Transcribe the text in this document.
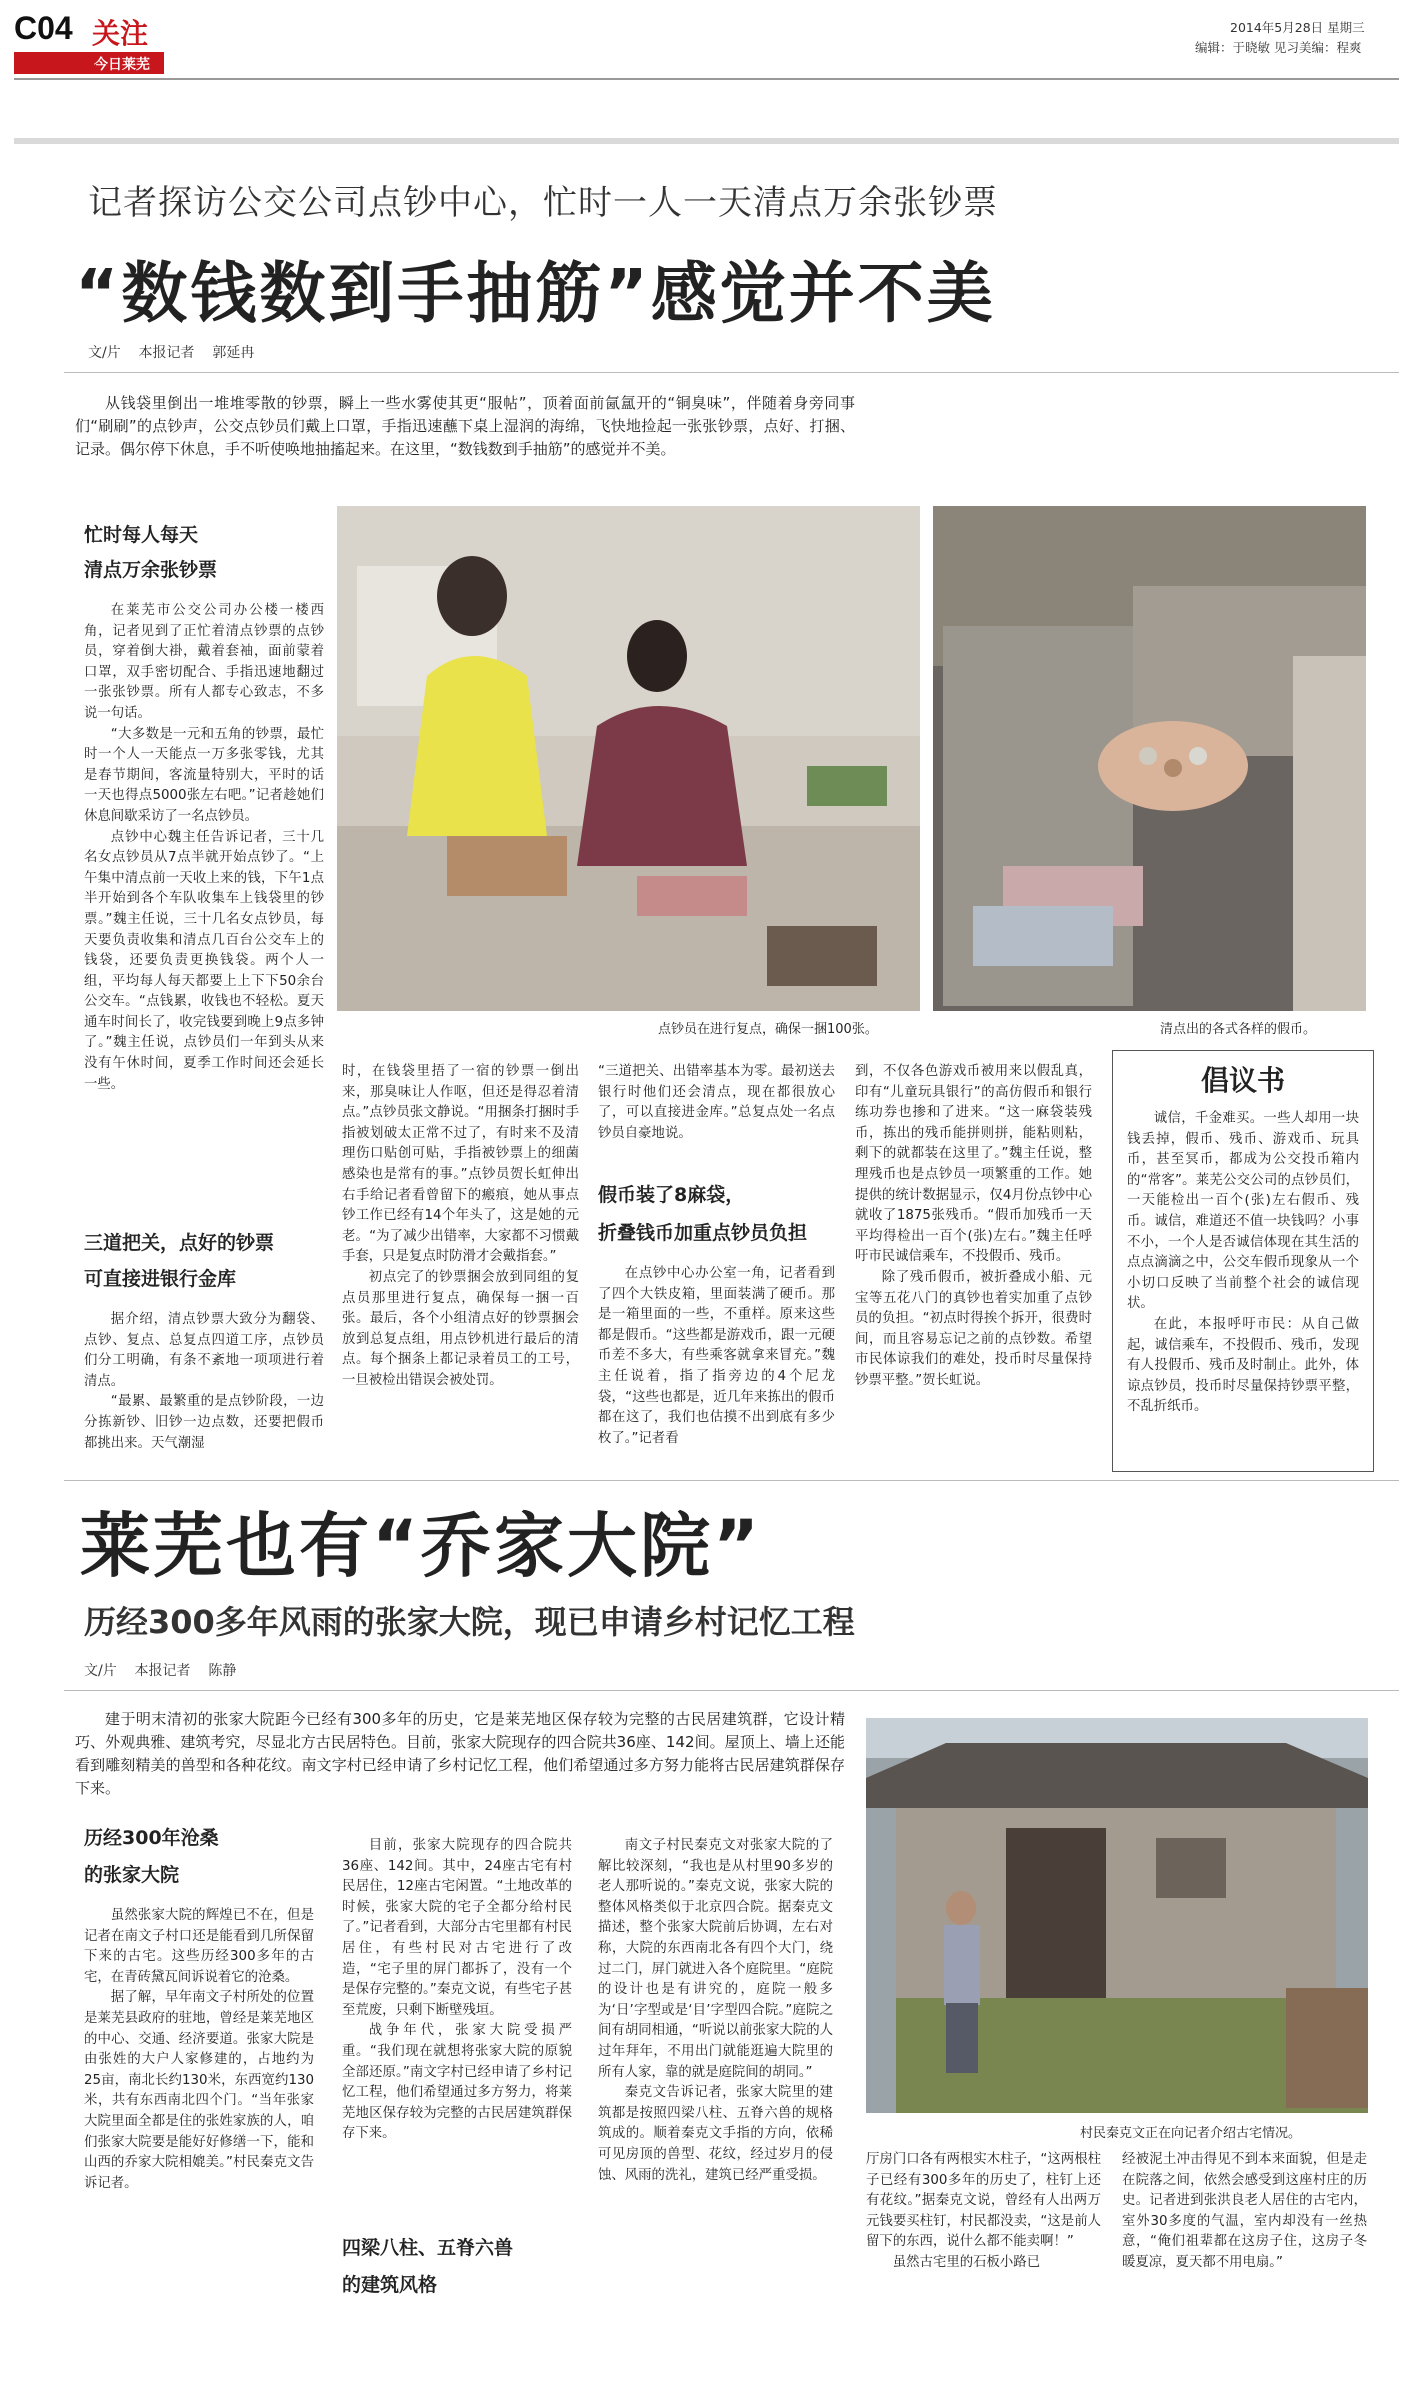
C04 关注
今日莱芜
2014年5月28日 星期三
编辑：于晓敏 见习美编：程爽
记者探访公交公司点钞中心，忙时一人一天清点万余张钞票
“数钱数到手抽筋”感觉并不美
文/片    本报记者    郭延冉
从钱袋里倒出一堆堆零散的钞票，瞬上一些水雾使其更“服帖”，顶着面前氤氲开的“铜臭味”，伴随着身旁同事们“刷刷”的点钞声，公交点钞员们戴上口罩，手指迅速蘸下桌上湿润的海绵，飞快地捡起一张张钞票，点好、打捆、记录。偶尔停下休息，手不听使唤地抽搐起来。在这里，“数钱数到手抽筋”的感觉并不美。
点钞员在进行复点，确保一捆100张。	清点出的各式各样的假币。
忙时每人每天
清点万余张钞票

在莱芜市公交公司办公楼一楼西角，记者见到了正忙着清点钞票的点钞员，穿着倒大褂，戴着套袖，面前蒙着口罩，双手密切配合、手指迅速地翻过一张张钞票。所有人都专心致志，不多说一句话。

“大多数是一元和五角的钞票，最忙时一个人一天能点一万多张零钱，尤其是春节期间，客流量特别大，平时的话一天也得点5000张左右吧。”记者趁她们休息间歇采访了一名点钞员。

点钞中心魏主任告诉记者，三十几名女点钞员从7点半就开始点钞了。“上午集中清点前一天收上来的钱，下午1点半开始到各个车队收集车上钱袋里的钞票。”魏主任说，三十几名女点钞员，每天要负责收集和清点几百台公交车上的钱袋，还要负责更换钱袋。两个人一组，平均每人每天都要上上下下50余台公交车。“点钱累，收钱也不轻松。夏天通车时间长了，收完钱要到晚上9点多钟了。”魏主任说，点钞员们一年到头从来没有午休时间，夏季工作时间还会延长一些。

三道把关，点好的钞票
可直接进银行金库

据介绍，清点钞票大致分为翻袋、点钞、复点、总复点四道工序，点钞员们分工明确，有条不紊地一项项进行着清点。

“最累、最繁重的是点钞阶段，一边分拣新钞、旧钞一边点数，还要把假币都挑出来。天气潮湿

时，在钱袋里捂了一宿的钞票一倒出来，那臭味让人作呕，但还是得忍着清点。”点钞员张文静说。“用捆条打捆时手指被划破太正常不过了，有时来不及清理伤口贴创可贴，手指被钞票上的细菌感染也是常有的事。”点钞员贺长虹伸出右手给记者看曾留下的瘢痕，她从事点钞工作已经有14个年头了，这是她的元老。“为了减少出错率，大家都不习惯戴手套，只是复点时防滑才会戴指套。”

初点完了的钞票捆会放到同组的复点员那里进行复点，确保每一捆一百张。最后，各个小组清点好的钞票捆会放到总复点组，用点钞机进行最后的清点。每个捆条上都记录着员工的工号，一旦被检出错误会被处罚。

“三道把关、出错率基本为零。最初送去银行时他们还会清点，现在都很放心了，可以直接进金库。”总复点处一名点钞员自豪地说。

假币装了8麻袋，
折叠钱币加重点钞员负担

在点钞中心办公室一角，记者看到了四个大铁皮箱，里面装满了硬币。那是一箱里面的一些，不重样。原来这些都是假币。“这些都是游戏币，跟一元硬币差不多大，有些乘客就拿来冒充。”魏主任说着，指了指旁边的4个尼龙袋，“这些也都是，近几年来拣出的假币都在这了，我们也估摸不出到底有多少枚了。”记者看

到，不仅各色游戏币被用来以假乱真，印有“儿童玩具银行”的高仿假币和银行练功券也掺和了进来。“这一麻袋装残币，拣出的残币能拼则拼，能粘则粘，剩下的就都装在这里了。”魏主任说，整理残币也是点钞员一项繁重的工作。她提供的统计数据显示，仅4月份点钞中心就收了1875张残币。“假币加残币一天平均得检出一百个(张)左右。”魏主任呼吁市民诚信乘车，不投假币、残币。

除了残币假币，被折叠成小船、元宝等五花八门的真钞也着实加重了点钞员的负担。“初点时得挨个拆开，很费时间，而且容易忘记之前的点钞数。希望市民体谅我们的难处，投币时尽量保持钞票平整。”贺长虹说。

倡议书

诚信，千金难买。一些人却用一块钱丢掉，假币、残币、游戏币、玩具币，甚至冥币，都成为公交投币箱内的“常客”。莱芜公交公司的点钞员们，一天能检出一百个(张)左右假币、残币。诚信，难道还不值一块钱吗？小事不小，一个人是否诚信体现在其生活的点点滴滴之中，公交车假币现象从一个小切口反映了当前整个社会的诚信现状。

在此，本报呼吁市民：从自己做起，诚信乘车，不投假币、残币，发现有人投假币、残币及时制止。此外，体谅点钞员，投币时尽量保持钞票平整，不乱折纸币。

莱芜也有“乔家大院”
历经300多年风雨的张家大院，现已申请乡村记忆工程
文/片    本报记者    陈静
建于明末清初的张家大院距今已经有300多年的历史，它是莱芜地区保存较为完整的古民居建筑群，它设计精巧、外观典雅、建筑考究，尽显北方古民居特色。目前，张家大院现存的四合院共36座、142间。屋顶上、墙上还能看到雕刻精美的兽型和各种花纹。南文字村已经申请了乡村记忆工程，他们希望通过多方努力能将古民居建筑群保存下来。
村民秦克文正在向记者介绍古宅情况。
历经300年沧桑
的张家大院

虽然张家大院的辉煌已不在，但是记者在南文子村口还是能看到几所保留下来的古宅。这些历经300多年的古宅，在青砖黛瓦间诉说着它的沧桑。

据了解，早年南文子村所处的位置是莱芜县政府的驻地，曾经是莱芜地区的中心、交通、经济要道。张家大院是由张姓的大户人家修建的，占地约为25亩，南北长约130米，东西宽约130米，共有东西南北四个门。“当年张家大院里面全都是住的张姓家族的人，咱们张家大院要是能好好修缮一下，能和山西的乔家大院相媲美。”村民秦克文告诉记者。

目前，张家大院现存的四合院共36座、142间。其中，24座古宅有村民居住，12座古宅闲置。“土地改革的时候，张家大院的宅子全都分给村民了。”记者看到，大部分古宅里都有村民居住，有些村民对古宅进行了改造，“宅子里的屏门都拆了，没有一个是保存完整的。”秦克文说，有些宅子甚至荒废，只剩下断壁残垣。

战争年代，张家大院受损严重。“我们现在就想将张家大院的原貌全部还原。”南文字村已经申请了乡村记忆工程，他们希望通过多方努力，将莱芜地区保存较为完整的古民居建筑群保存下来。

四梁八柱、五脊六兽
的建筑风格

南文子村民秦克文对张家大院的了解比较深刻，“我也是从村里90多岁的老人那听说的。”秦克文说，张家大院的整体风格类似于北京四合院。据秦克文描述，整个张家大院前后协调，左右对称，大院的东西南北各有四个大门，绕过二门，屏门就进入各个庭院里。“庭院的设计也是有讲究的，庭院一般多为‘日’字型或是‘目’字型四合院。”庭院之间有胡同相通，“听说以前张家大院的人过年拜年，不用出门就能逛遍大院里的所有人家，靠的就是庭院间的胡同。”

秦克文告诉记者，张家大院里的建筑都是按照四梁八柱、五脊六兽的规格筑成的。顺着秦克文手指的方向，依稀可见房顶的兽型、花纹，经过岁月的侵蚀、风雨的洗礼，建筑已经严重受损。

厅房门口各有两根实木柱子，“这两根柱子已经有300多年的历史了，柱钉上还有花纹。”据秦克文说，曾经有人出两万元钱要买柱钉，村民都没卖，“这是前人留下的东西，说什么都不能卖啊！”

虽然古宅里的石板小路已

经被泥土冲击得见不到本来面貌，但是走在院落之间，依然会感受到这座村庄的历史。记者进到张洪良老人居住的古宅内，室外30多度的气温，室内却没有一丝热意，“俺们祖辈都在这房子住，这房子冬暖夏凉，夏天都不用电扇。”
